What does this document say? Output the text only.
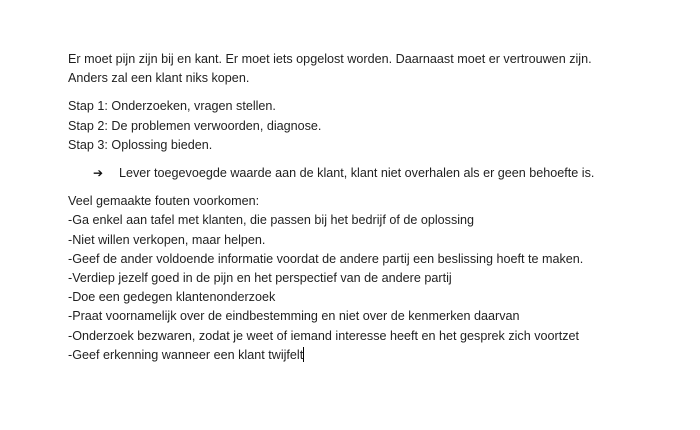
Er moet pijn zijn bij en kant. Er moet iets opgelost worden. Daarnaast moet er vertrouwen zijn.

Anders zal een klant niks kopen.

Stap 1: Onderzoeken, vragen stellen.

Stap 2: De problemen verwoorden, diagnose.

Stap 3: Oplossing bieden.

➔ Lever toegevoegde waarde aan de klant, klant niet overhalen als er geen behoefte is.

Veel gemaakte fouten voorkomen:

-Ga enkel aan tafel met klanten, die passen bij het bedrijf of de oplossing

-Niet willen verkopen, maar helpen.

-Geef de ander voldoende informatie voordat de andere partij een beslissing hoeft te maken.

-Verdiep jezelf goed in de pijn en het perspectief van de andere partij

-Doe een gedegen klantenonderzoek

-Praat voornamelijk over de eindbestemming en niet over de kenmerken daarvan

-Onderzoek bezwaren, zodat je weet of iemand interesse heeft en het gesprek zich voortzet

-Geef erkenning wanneer een klant twijfelt
